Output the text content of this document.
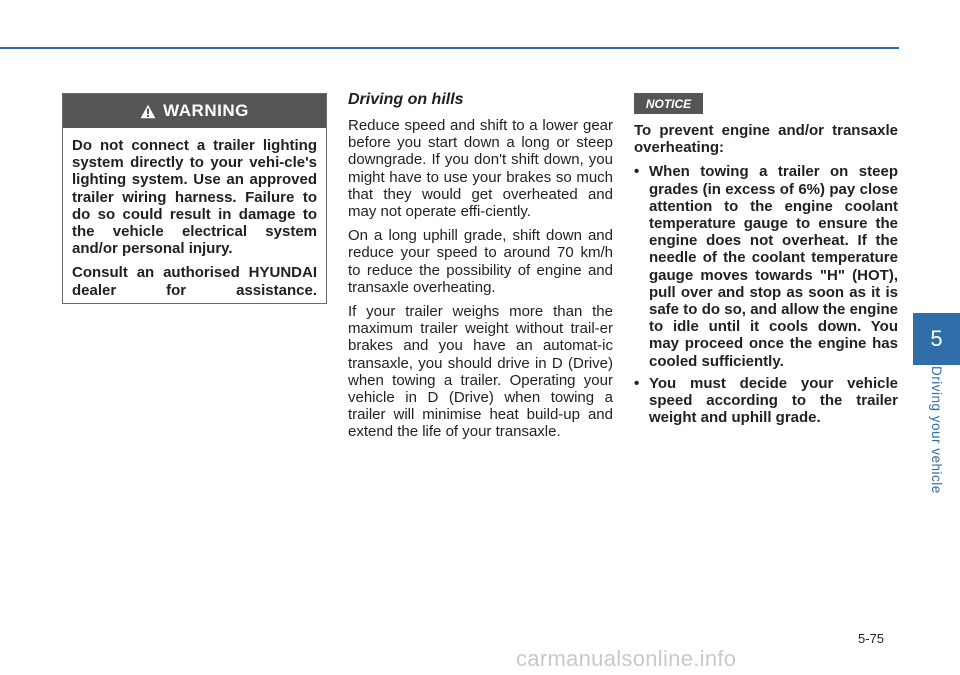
WARNING

Do not connect a trailer lighting system directly to your vehi-cle's lighting system. Use an approved trailer wiring harness. Failure to do so could result in damage to the vehicle electrical system and/or personal injury.

Consult an authorised HYUNDAI dealer for assistance.

Driving on hills

Reduce speed and shift to a lower gear before you start down a long or steep downgrade. If you don't shift down, you might have to use your brakes so much that they would get overheated and may not operate effi-ciently.

On a long uphill grade, shift down and reduce your speed to around 70 km/h to reduce the possibility of engine and transaxle overheating.

If your trailer weighs more than the maximum trailer weight without trail-er brakes and you have an automat-ic transaxle, you should drive in D (Drive) when towing a trailer. Operating your vehicle in D (Drive) when towing a trailer will minimise heat build-up and extend the life of your transaxle.

NOTICE

To prevent engine and/or transaxle overheating:

• When towing a trailer on steep grades (in excess of 6%) pay close attention to the engine coolant temperature gauge to ensure the engine does not overheat. If the needle of the coolant temperature gauge moves towards "H" (HOT), pull over and stop as soon as it is safe to do so, and allow the engine to idle until it cools down. You may proceed once the engine has cooled sufficiently.
• You must decide your vehicle speed according to the trailer weight and uphill grade.
5
Driving your vehicle
5-75
carmanualsonline.info
